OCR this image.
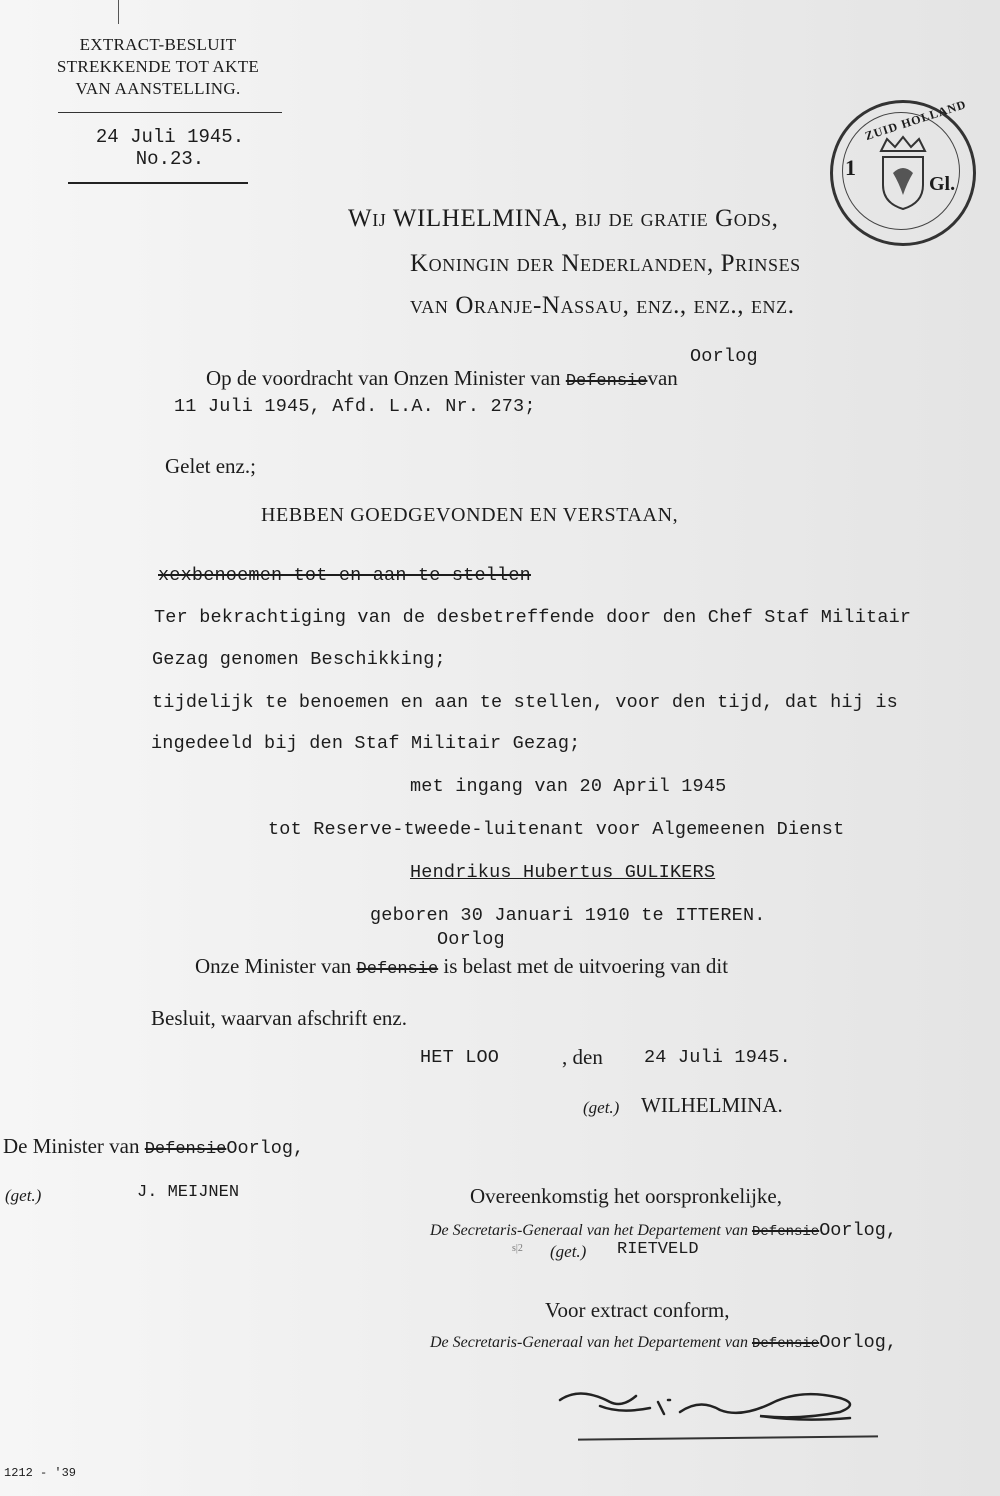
EXTRACT-BESLUIT
STREKKENDE TOT AKTE
VAN AANSTELLING.
24 Juli 1945.
No.23.
ZUID HOLLAND
1
Gl.
Wij WILHELMINA, bij de gratie Gods,
Koningin der Nederlanden, Prinses
van Oranje-Nassau, enz., enz., enz.
Oorlog
Op de voordracht van Onzen Minister van Defensievan
11 Juli 1945, Afd. L.A. Nr. 273;
Gelet enz.;
HEBBEN GOEDGEVONDEN EN VERSTAAN,
xexbenoemen tot en aan te stellen
Ter bekrachtiging van de desbetreffende door den Chef Staf Militair
Gezag genomen Beschikking;
tijdelijk te benoemen en aan te stellen, voor den tijd, dat hij is
ingedeeld bij den Staf Militair Gezag;
met ingang van 20 April 1945
tot Reserve-tweede-luitenant voor Algemeenen Dienst
Hendrikus Hubertus GULIKERS
geboren 30 Januari 1910 te ITTEREN.
Oorlog
Onze Minister van Defensie is belast met de uitvoering van dit
Besluit, waarvan afschrift enz.
HET LOO	, den 24 Juli 1945.
(get.) WILHELMINA.
De Minister van DefensieOorlog,
(get.)	J. MEIJNEN	Overeenkomstig het oorspronkelijke,
De Secretaris-Generaal van het Departement van DefensieOorlog,
s|2 (get.) RIETVELD
Voor extract conform,
De Secretaris-Generaal van het Departement van DefensieOorlog,
1212 - '39
